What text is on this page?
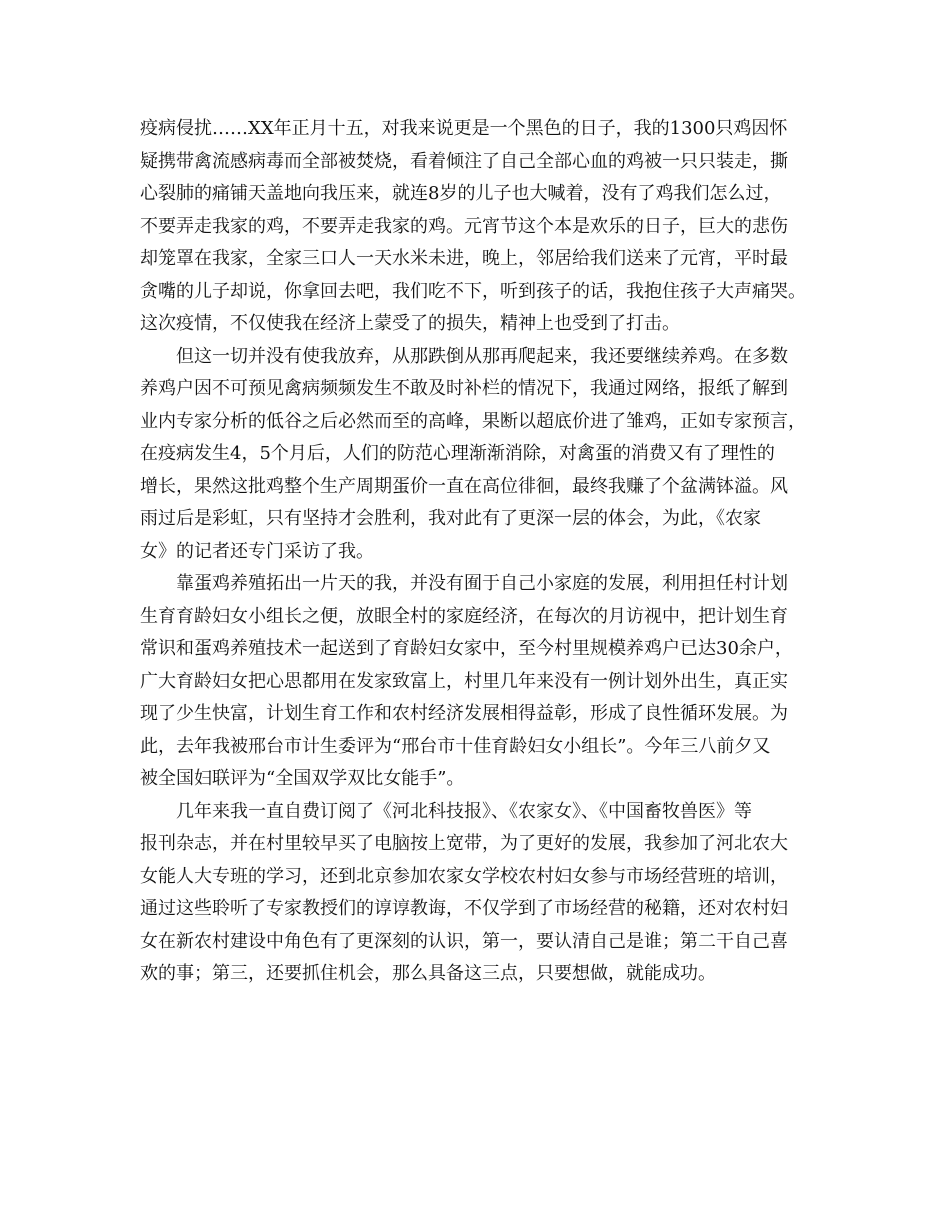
疫病侵扰……XX年正月十五，对我来说更是一个黑色的日子，我的1300只鸡因怀
疑携带禽流感病毒而全部被焚烧，看着倾注了自己全部心血的鸡被一只只装走，撕
心裂肺的痛铺天盖地向我压来，就连8岁的儿子也大喊着，没有了鸡我们怎么过，
不要弄走我家的鸡，不要弄走我家的鸡。元宵节这个本是欢乐的日子，巨大的悲伤
却笼罩在我家，全家三口人一天水米未进，晚上，邻居给我们送来了元宵，平时最
贪嘴的儿子却说，你拿回去吧，我们吃不下，听到孩子的话，我抱住孩子大声痛哭。
这次疫情，不仅使我在经济上蒙受了的损失，精神上也受到了打击。
　　但这一切并没有使我放弃，从那跌倒从那再爬起来，我还要继续养鸡。在多数
养鸡户因不可预见禽病频频发生不敢及时补栏的情况下，我通过网络，报纸了解到
业内专家分析的低谷之后必然而至的高峰，果断以超底价进了雏鸡，正如专家预言，
在疫病发生4，5个月后，人们的防范心理渐渐消除，对禽蛋的消费又有了理性的
增长，果然这批鸡整个生产周期蛋价一直在高位徘徊，最终我赚了个盆满钵溢。风
雨过后是彩虹，只有坚持才会胜利，我对此有了更深一层的体会，为此，《农家
女》的记者还专门采访了我。
　　靠蛋鸡养殖拓出一片天的我，并没有囿于自己小家庭的发展，利用担任村计划
生育育龄妇女小组长之便，放眼全村的家庭经济，在每次的月访视中，把计划生育
常识和蛋鸡养殖技术一起送到了育龄妇女家中，至今村里规模养鸡户已达30余户，
广大育龄妇女把心思都用在发家致富上，村里几年来没有一例计划外出生，真正实
现了少生快富，计划生育工作和农村经济发展相得益彰，形成了良性循环发展。为
此，去年我被邢台市计生委评为“邢台市十佳育龄妇女小组长”。今年三八前夕又
被全国妇联评为“全国双学双比女能手”。
　　几年来我一直自费订阅了《河北科技报》、《农家女》、《中国畜牧兽医》等
报刊杂志，并在村里较早买了电脑按上宽带，为了更好的发展，我参加了河北农大
女能人大专班的学习，还到北京参加农家女学校农村妇女参与市场经营班的培训，
通过这些聆听了专家教授们的谆谆教诲，不仅学到了市场经营的秘籍，还对农村妇
女在新农村建设中角色有了更深刻的认识，第一，要认清自己是谁；第二干自己喜
欢的事；第三，还要抓住机会，那么具备这三点，只要想做，就能成功。
